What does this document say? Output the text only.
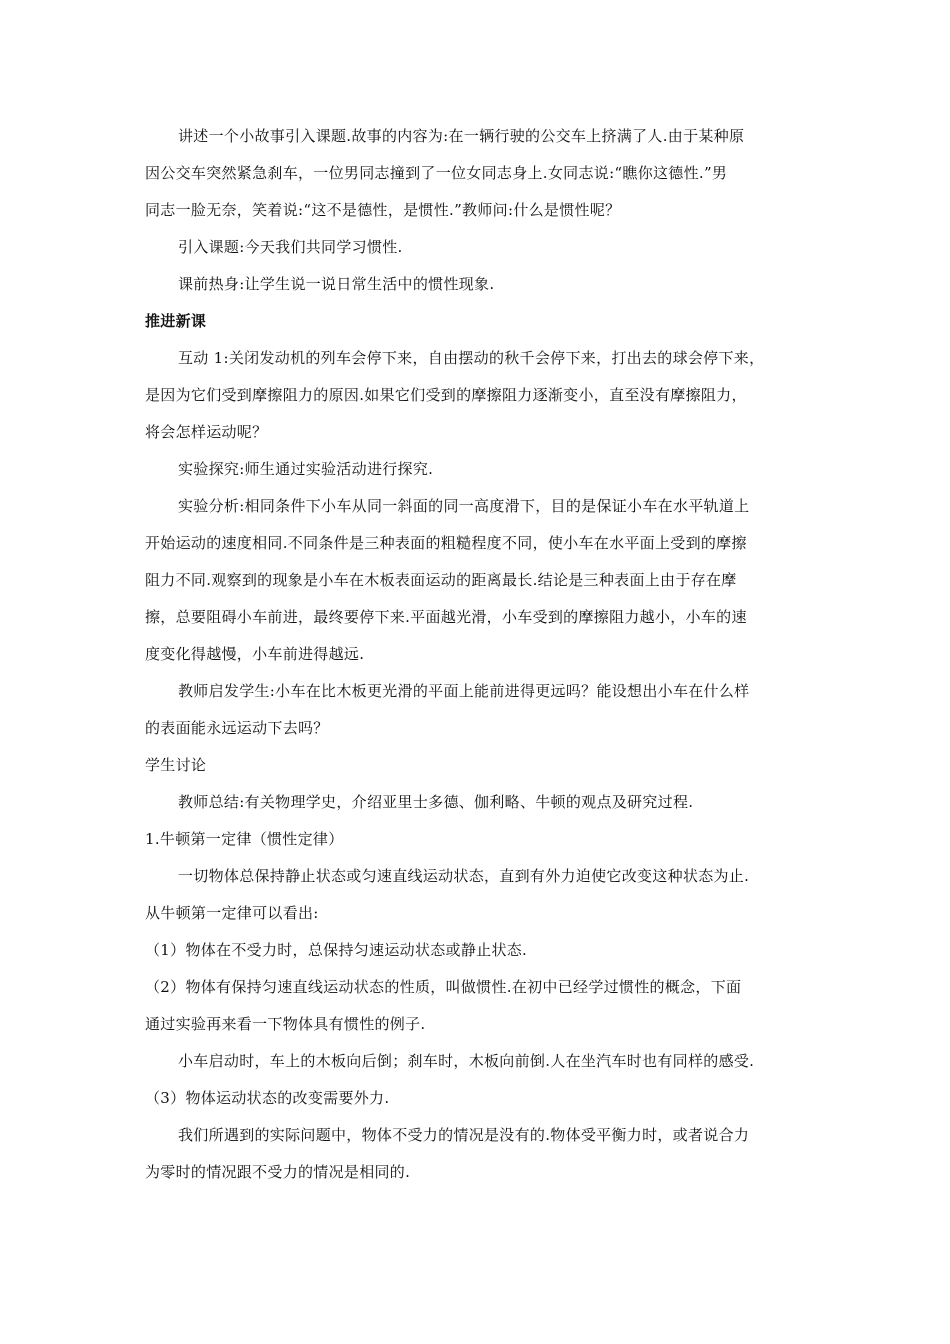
讲述一个小故事引入课题.故事的内容为:在一辆行驶的公交车上挤满了人.由于某种原
因公交车突然紧急刹车，一位男同志撞到了一位女同志身上.女同志说:“瞧你这德性.”男
同志一脸无奈，笑着说:“这不是德性，是惯性.”教师问:什么是惯性呢？
引入课题:今天我们共同学习惯性.
课前热身:让学生说一说日常生活中的惯性现象.
推进新课
互动 1:关闭发动机的列车会停下来，自由摆动的秋千会停下来，打出去的球会停下来，
是因为它们受到摩擦阻力的原因.如果它们受到的摩擦阻力逐渐变小，直至没有摩擦阻力，
将会怎样运动呢？
实验探究:师生通过实验活动进行探究.
实验分析:相同条件下小车从同一斜面的同一高度滑下，目的是保证小车在水平轨道上
开始运动的速度相同.不同条件是三种表面的粗糙程度不同，使小车在水平面上受到的摩擦
阻力不同.观察到的现象是小车在木板表面运动的距离最长.结论是三种表面上由于存在摩
擦，总要阻碍小车前进，最终要停下来.平面越光滑，小车受到的摩擦阻力越小，小车的速
度变化得越慢，小车前进得越远.
教师启发学生:小车在比木板更光滑的平面上能前进得更远吗？能设想出小车在什么样
的表面能永远运动下去吗？
学生讨论
教师总结:有关物理学史，介绍亚里士多德、伽利略、牛顿的观点及研究过程.
1.牛顿第一定律（惯性定律）
一切物体总保持静止状态或匀速直线运动状态，直到有外力迫使它改变这种状态为止.
从牛顿第一定律可以看出:
（1）物体在不受力时，总保持匀速运动状态或静止状态.
（2）物体有保持匀速直线运动状态的性质，叫做惯性.在初中已经学过惯性的概念，下面
通过实验再来看一下物体具有惯性的例子.
小车启动时，车上的木板向后倒；刹车时，木板向前倒.人在坐汽车时也有同样的感受.
（3）物体运动状态的改变需要外力.
我们所遇到的实际问题中，物体不受力的情况是没有的.物体受平衡力时，或者说合力
为零时的情况跟不受力的情况是相同的.
